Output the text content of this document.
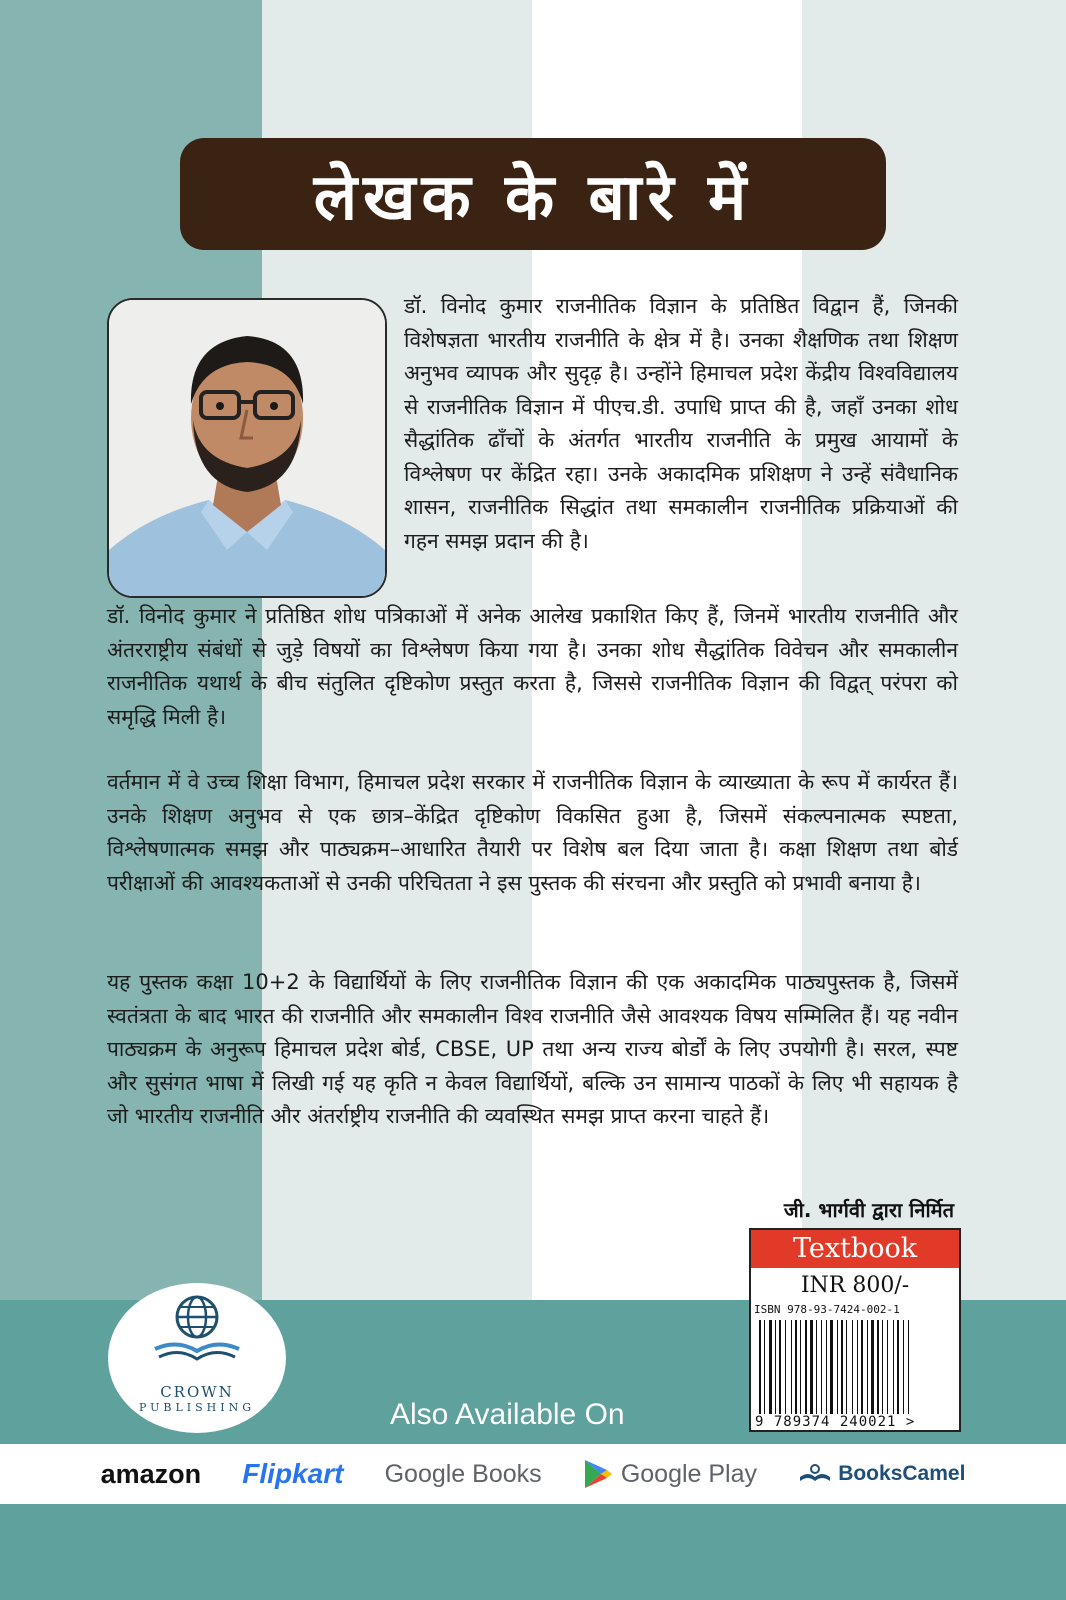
लेखक के बारे में

डॉ. विनोद कुमार राजनीतिक विज्ञान के प्रतिष्ठित विद्वान हैं, जिनकी विशेषज्ञता भारतीय राजनीति के क्षेत्र में है। उनका शैक्षणिक तथा शिक्षण अनुभव व्यापक और सुदृढ़ है। उन्होंने हिमाचल प्रदेश केंद्रीय विश्वविद्यालय से राजनीतिक विज्ञान में पीएच.डी. उपाधि प्राप्त की है, जहाँ उनका शोध सैद्धांतिक ढाँचों के अंतर्गत भारतीय राजनीति के प्रमुख आयामों के विश्लेषण पर केंद्रित रहा। उनके अकादमिक प्रशिक्षण ने उन्हें संवैधानिक शासन, राजनीतिक सिद्धांत तथा समकालीन राजनीतिक प्रक्रियाओं की गहन समझ प्रदान की है।

डॉ. विनोद कुमार ने प्रतिष्ठित शोध पत्रिकाओं में अनेक आलेख प्रकाशित किए हैं, जिनमें भारतीय राजनीति और अंतरराष्ट्रीय संबंधों से जुड़े विषयों का विश्लेषण किया गया है। उनका शोध सैद्धांतिक विवेचन और समकालीन राजनीतिक यथार्थ के बीच संतुलित दृष्टिकोण प्रस्तुत करता है, जिससे राजनीतिक विज्ञान की विद्वत् परंपरा को समृद्धि मिली है।

वर्तमान में वे उच्च शिक्षा विभाग, हिमाचल प्रदेश सरकार में राजनीतिक विज्ञान के व्याख्याता के रूप में कार्यरत हैं। उनके शिक्षण अनुभव से एक छात्र–केंद्रित दृष्टिकोण विकसित हुआ है, जिसमें संकल्पनात्मक स्पष्टता, विश्लेषणात्मक समझ और पाठ्यक्रम–आधारित तैयारी पर विशेष बल दिया जाता है। कक्षा शिक्षण तथा बोर्ड परीक्षाओं की आवश्यकताओं से उनकी परिचितता ने इस पुस्तक की संरचना और प्रस्तुति को प्रभावी बनाया है।

यह पुस्तक कक्षा 10+2 के विद्यार्थियों के लिए राजनीतिक विज्ञान की एक अकादमिक पाठ्यपुस्तक है, जिसमें स्वतंत्रता के बाद भारत की राजनीति और समकालीन विश्व राजनीति जैसे आवश्यक विषय सम्मिलित हैं। यह नवीन पाठ्यक्रम के अनुरूप हिमाचल प्रदेश बोर्ड, CBSE, UP तथा अन्य राज्य बोर्डों के लिए उपयोगी है। सरल, स्पष्ट और सुसंगत भाषा में लिखी गई यह कृति न केवल विद्यार्थियों, बल्कि उन सामान्य पाठकों के लिए भी सहायक है जो भारतीय राजनीति और अंतर्राष्ट्रीय राजनीति की व्यवस्थित समझ प्राप्त करना चाहते हैं।

जी. भार्गवी द्वारा निर्मित
Textbook
INR 800/-
ISBN 978-93-7424-002-1
9 789374 240021 >
CROWN
PUBLISHING	Also Available On
amazon Flipkart Google Books	Google Play	BooksCamel
